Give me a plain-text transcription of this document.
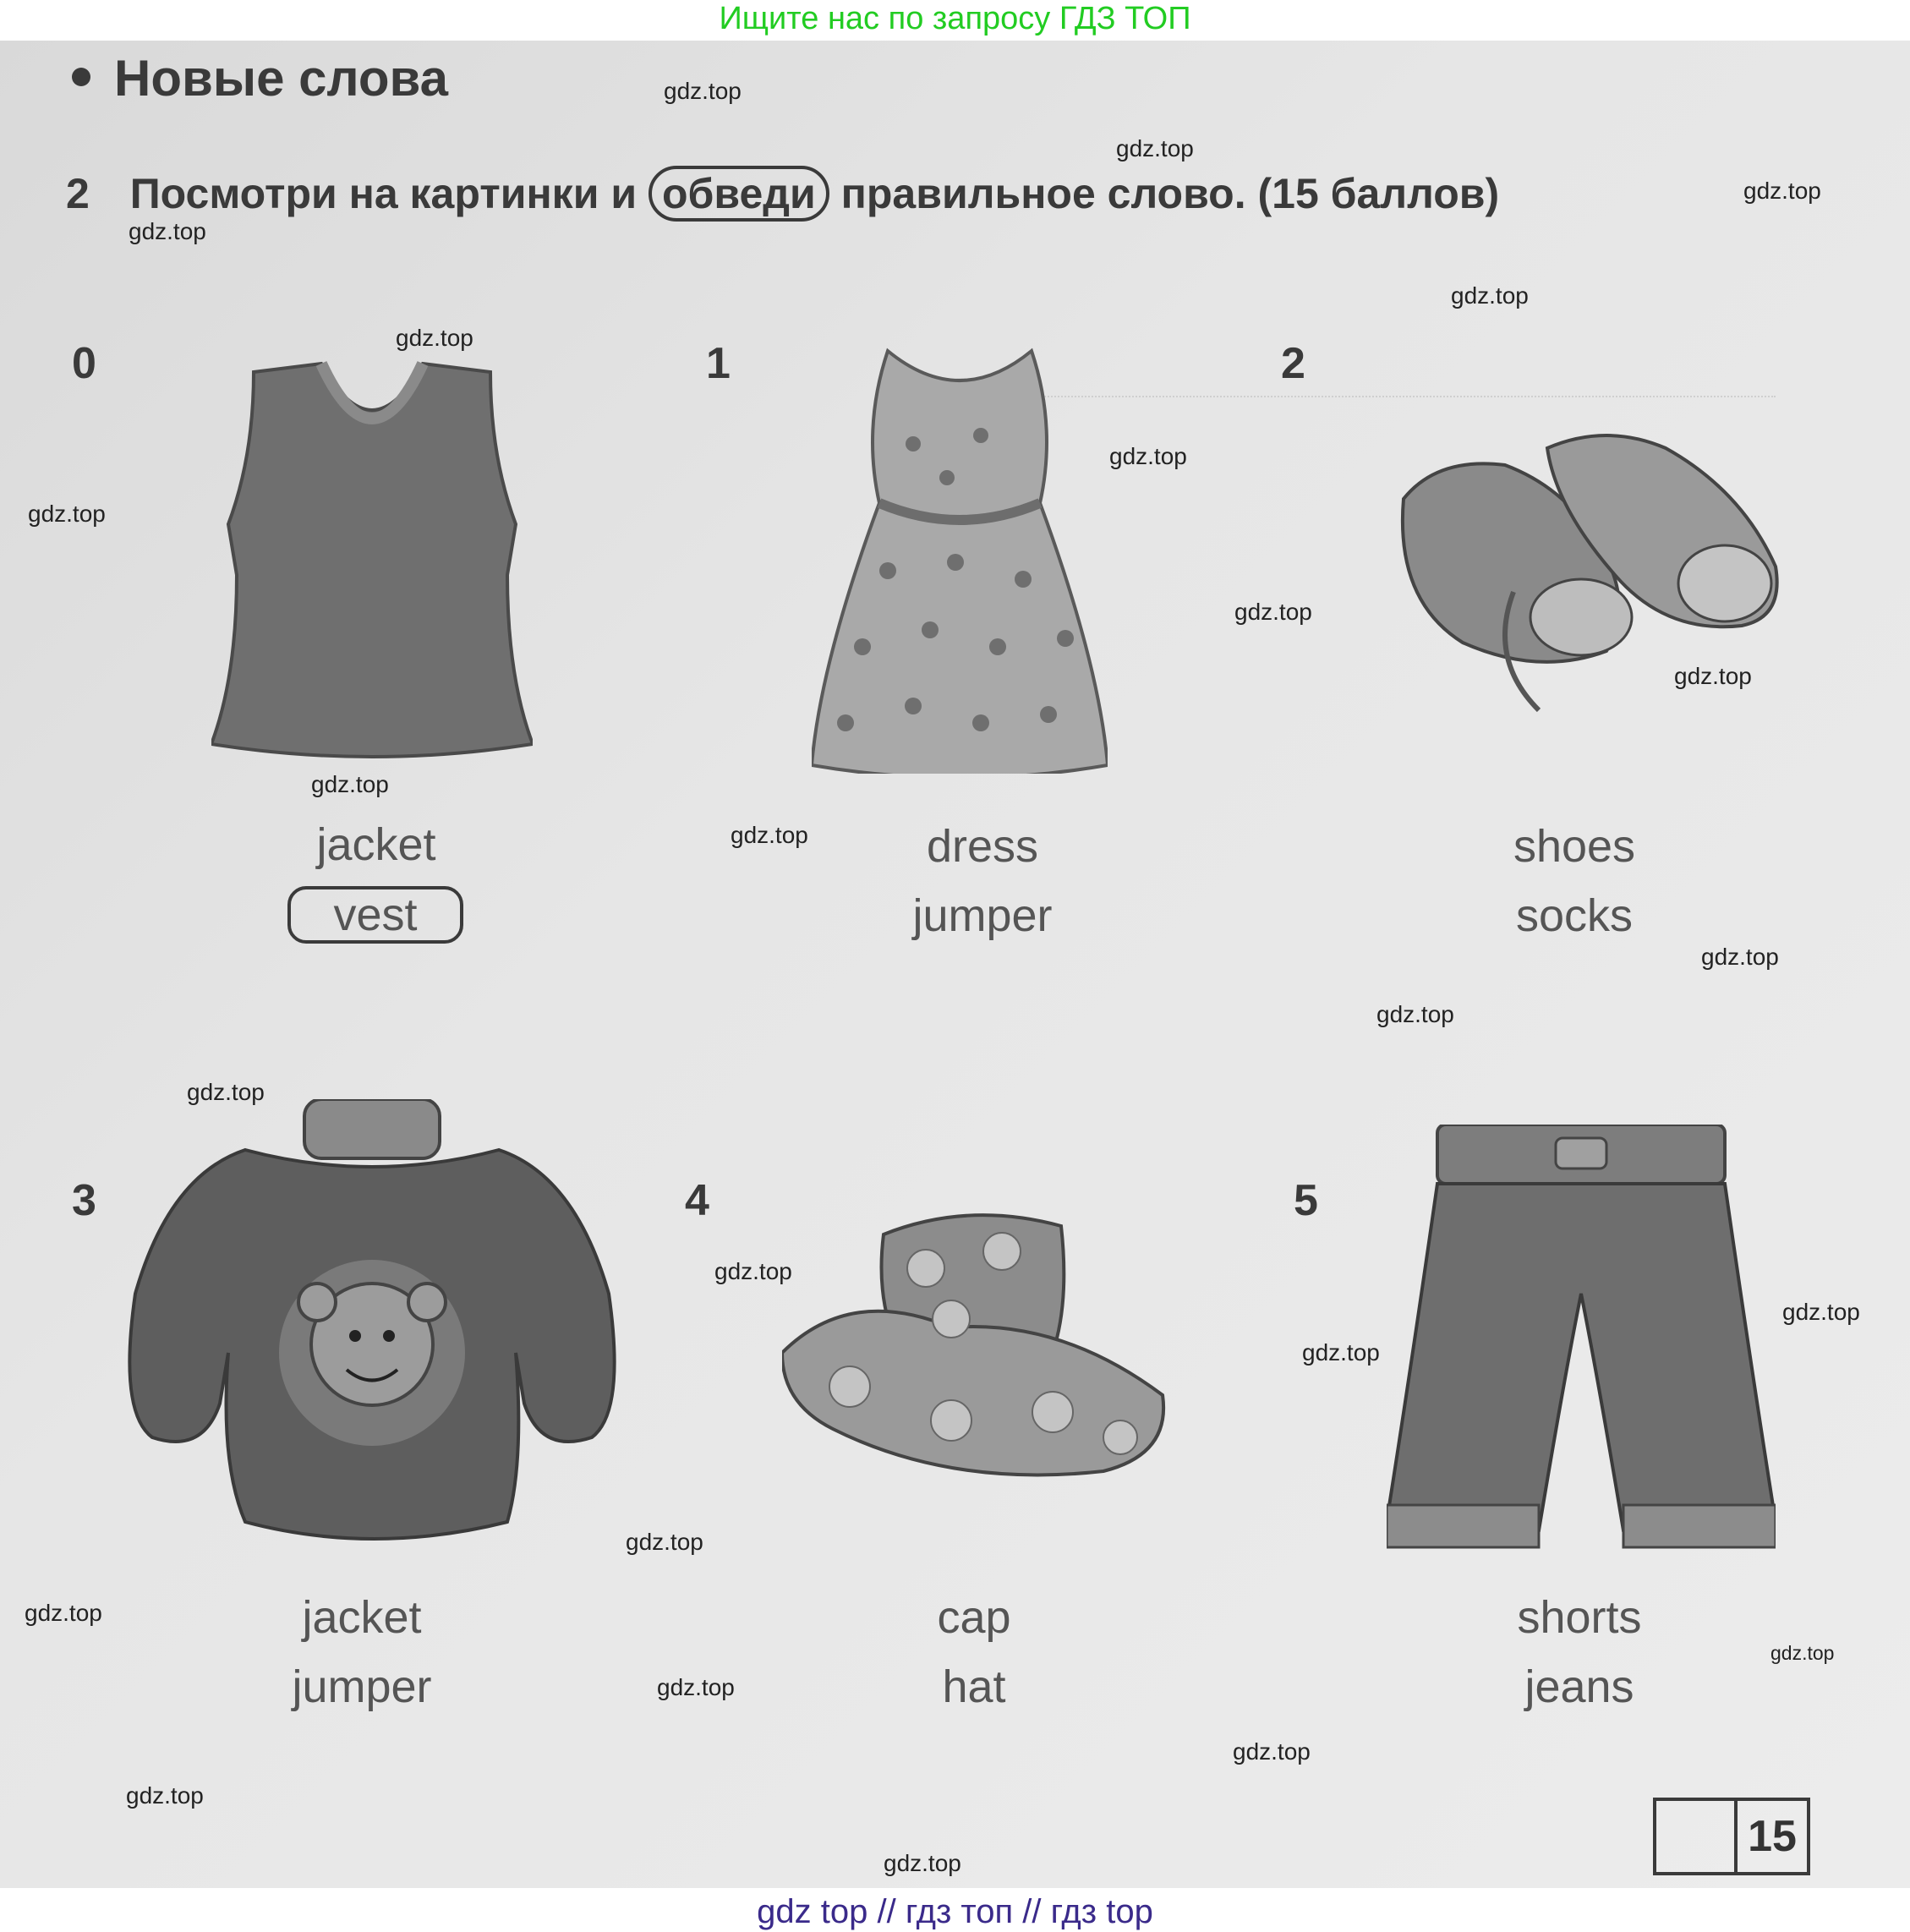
Ищите нас по запросу ГДЗ ТОП
Новые слова
2 Посмотри на картинки и обведи правильное слово. (15 баллов)
0
jacket
vest
1
dress
jumper
2
shoes
socks
3
jacket
jumper
4
cap
hat
5
shorts
jeans
15
gdz.top
gdz.top
gdz.top
gdz.top
gdz.top
gdz.top
gdz.top
gdz.top
gdz.top
gdz.top
gdz.top
gdz.top
gdz.top
gdz.top
gdz.top
gdz.top
gdz.top
gdz.top
gdz.top
gdz.top
gdz.top
gdz.top
gdz.top
gdz.top
gdz.top
gdz top // гдз топ // гдз top
